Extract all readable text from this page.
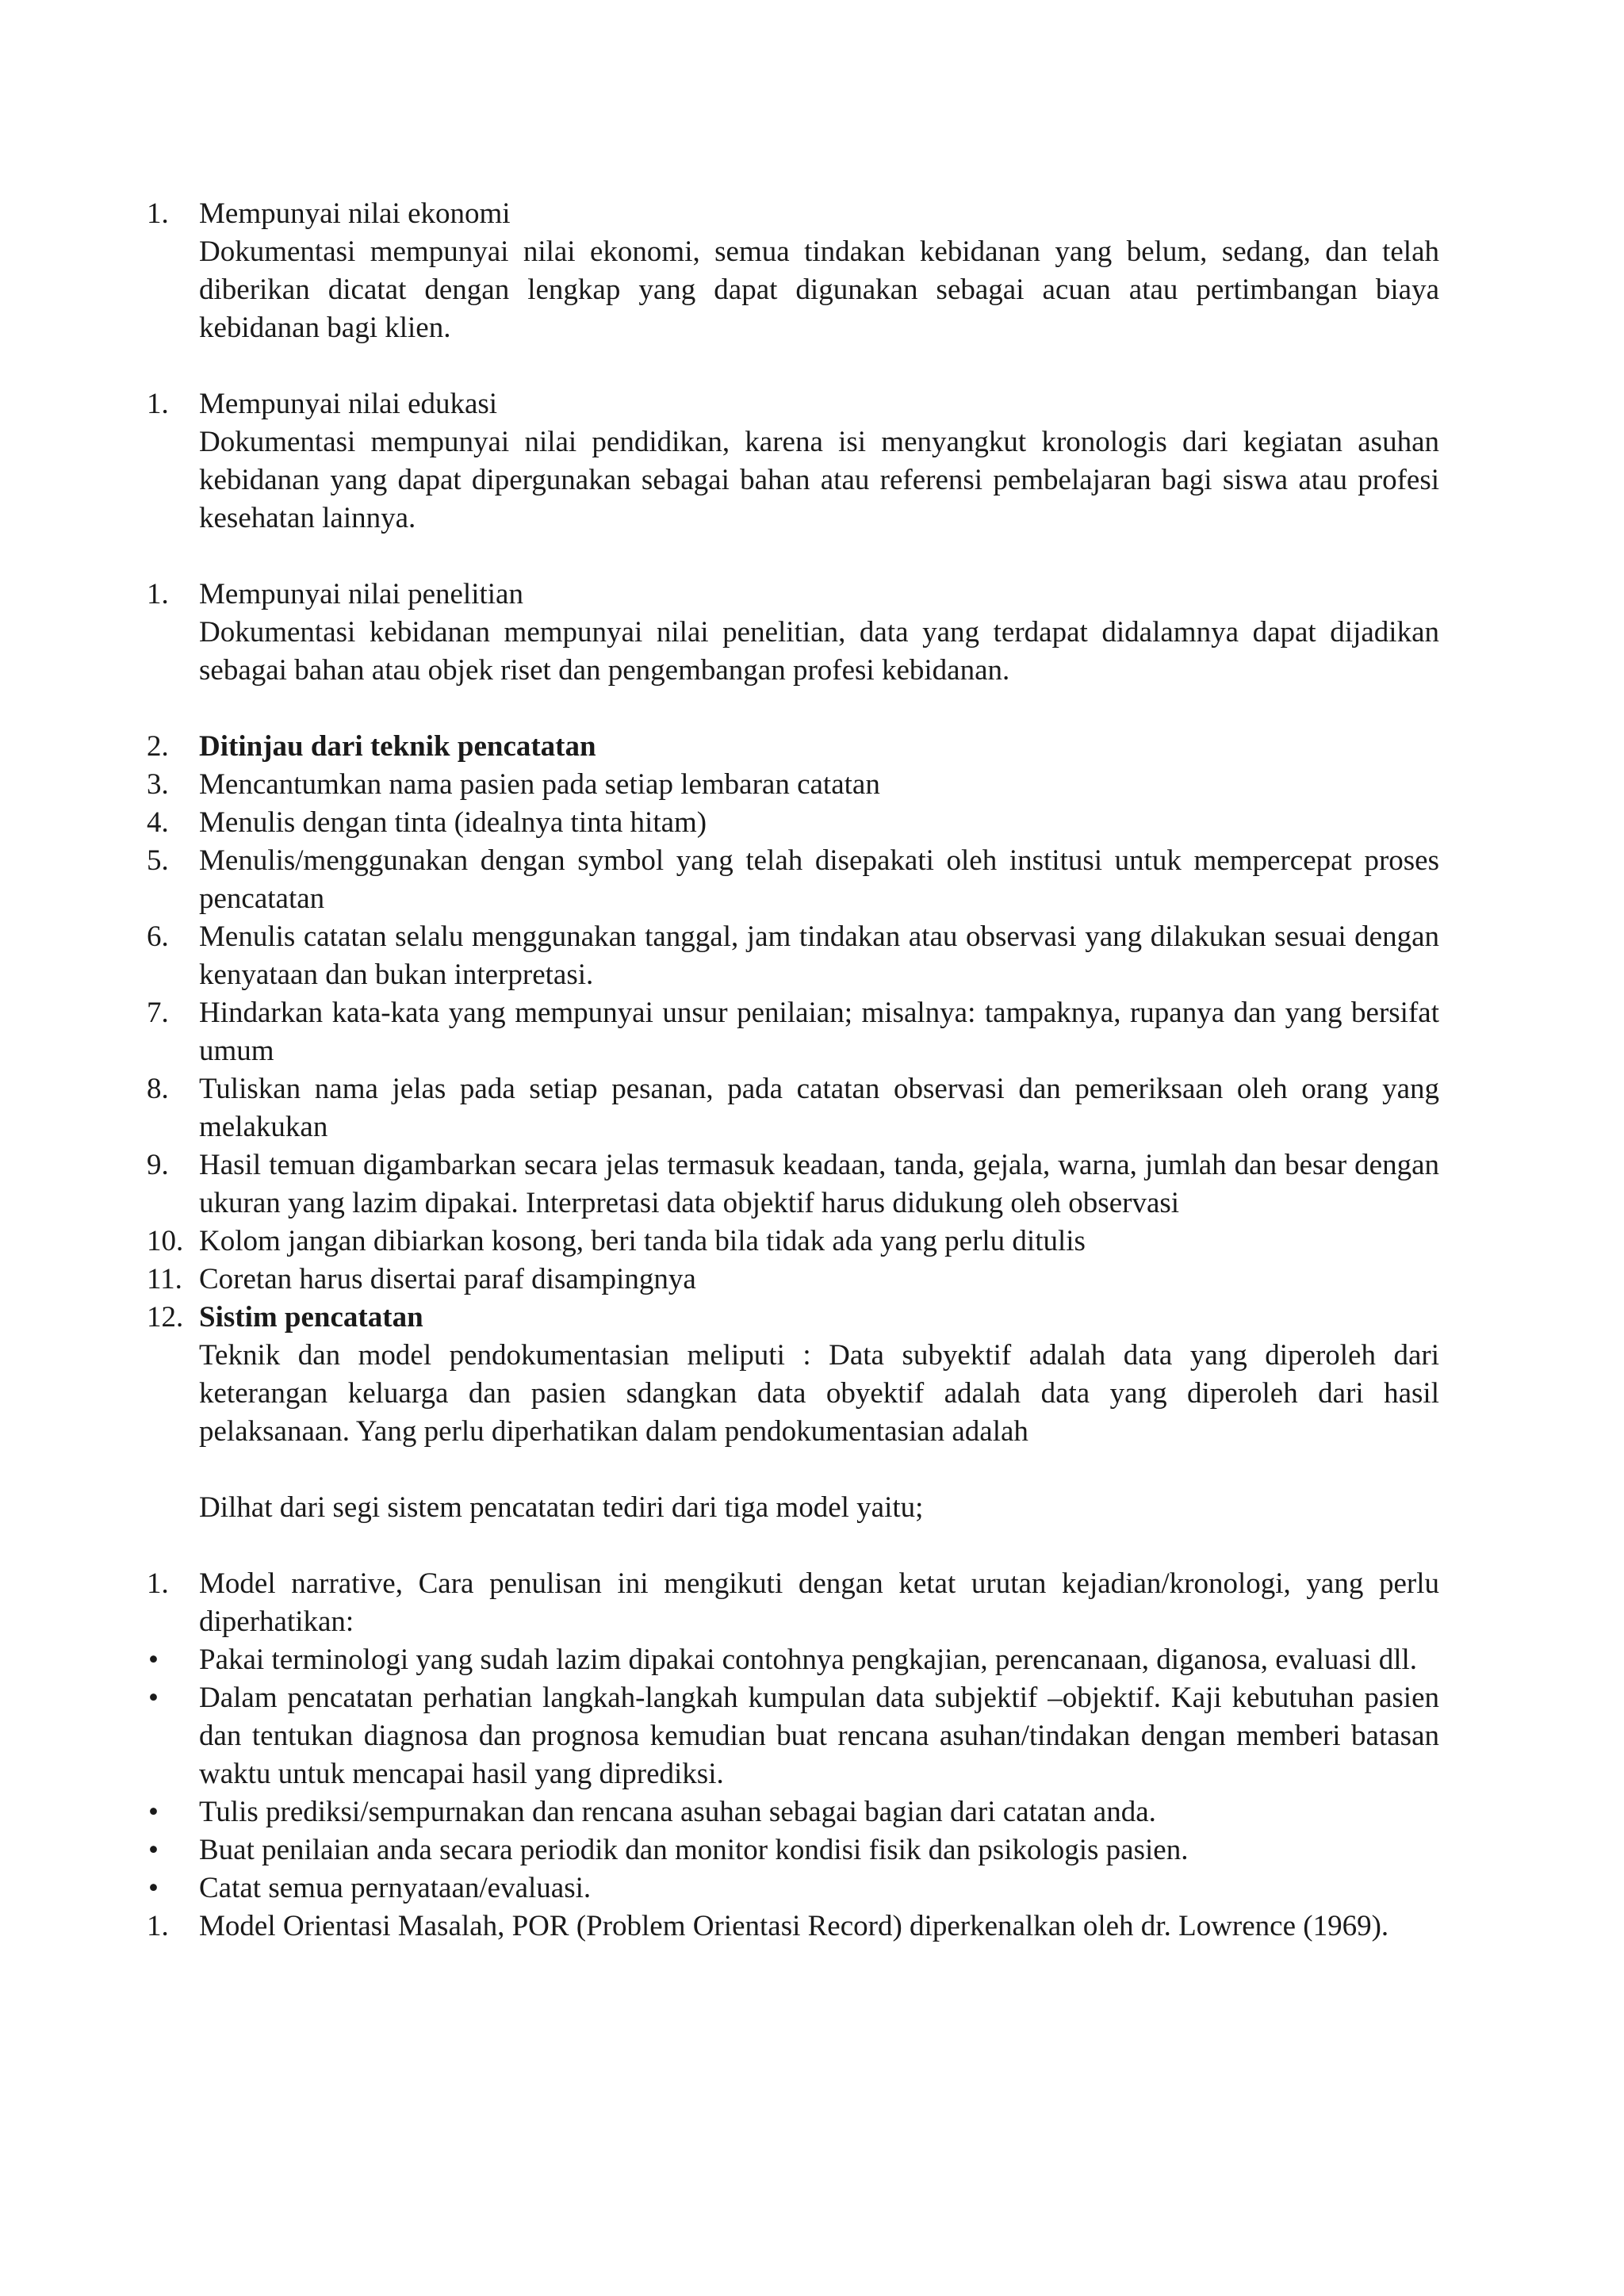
1.	Mempunyai nilai ekonomi
Dokumentasi mempunyai nilai ekonomi, semua tindakan kebidanan yang belum, sedang, dan telah diberikan dicatat dengan lengkap yang dapat digunakan sebagai acuan atau pertimbangan biaya kebidanan bagi klien.
1.	Mempunyai nilai edukasi
Dokumentasi mempunyai nilai pendidikan, karena isi menyangkut kronologis dari kegiatan asuhan kebidanan yang dapat dipergunakan sebagai bahan atau referensi pembelajaran bagi siswa atau profesi kesehatan lainnya.
1.	Mempunyai nilai penelitian
Dokumentasi kebidanan mempunyai nilai penelitian, data yang terdapat didalamnya dapat dijadikan sebagai bahan atau objek riset dan pengembangan profesi kebidanan.
2.	Ditinjau dari teknik pencatatan
3.	Mencantumkan nama pasien pada setiap lembaran catatan
4.	Menulis dengan tinta (idealnya tinta hitam)
5.	Menulis/menggunakan dengan symbol yang telah disepakati oleh institusi untuk mempercepat proses pencatatan
6.	Menulis catatan selalu menggunakan tanggal, jam tindakan atau observasi yang dilakukan sesuai dengan kenyataan dan bukan interpretasi.
7.	Hindarkan kata-kata yang mempunyai unsur penilaian; misalnya: tampaknya, rupanya dan yang bersifat umum
8.	Tuliskan nama jelas pada setiap pesanan, pada catatan observasi dan pemeriksaan oleh orang yang melakukan
9.	Hasil temuan digambarkan secara jelas termasuk keadaan, tanda, gejala, warna, jumlah dan besar dengan ukuran yang lazim dipakai. Interpretasi data objektif harus didukung oleh observasi
10. Kolom jangan dibiarkan kosong, beri tanda bila tidak ada yang perlu ditulis
11. Coretan harus disertai paraf disampingnya
12. Sistim pencatatan
Teknik dan model pendokumentasian meliputi : Data subyektif adalah data yang diperoleh dari keterangan keluarga dan pasien sdangkan data obyektif adalah data yang diperoleh dari hasil pelaksanaan. Yang perlu diperhatikan dalam pendokumentasian adalah
Dilhat dari segi sistem pencatatan tediri dari tiga model yaitu;
1.	Model narrative, Cara penulisan ini mengikuti dengan ketat urutan kejadian/kronologi, yang perlu diperhatikan:
•	Pakai terminologi yang sudah lazim dipakai contohnya pengkajian, perencanaan, diganosa, evaluasi dll.
•	Dalam pencatatan perhatian langkah-langkah kumpulan data subjektif –objektif. Kaji kebutuhan pasien dan tentukan diagnosa dan prognosa kemudian buat rencana asuhan/tindakan dengan memberi batasan waktu untuk mencapai hasil yang diprediksi.
•	Tulis prediksi/sempurnakan dan rencana asuhan sebagai bagian dari catatan anda.
•	Buat penilaian anda secara periodik dan monitor kondisi fisik dan psikologis pasien.
•	Catat semua pernyataan/evaluasi.
1.	Model Orientasi Masalah, POR (Problem Orientasi Record) diperkenalkan oleh dr. Lowrence (1969).
